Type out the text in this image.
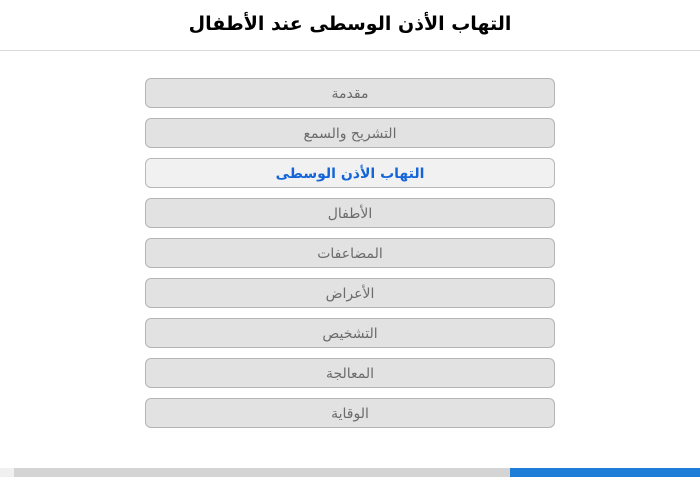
التهاب الأذن الوسطى عند الأطفال
مقدمة
التشريح والسمع
التهاب الأذن الوسطى
الأطفال
المضاعفات
الأعراض
التشخيص
المعالجة
الوقاية
